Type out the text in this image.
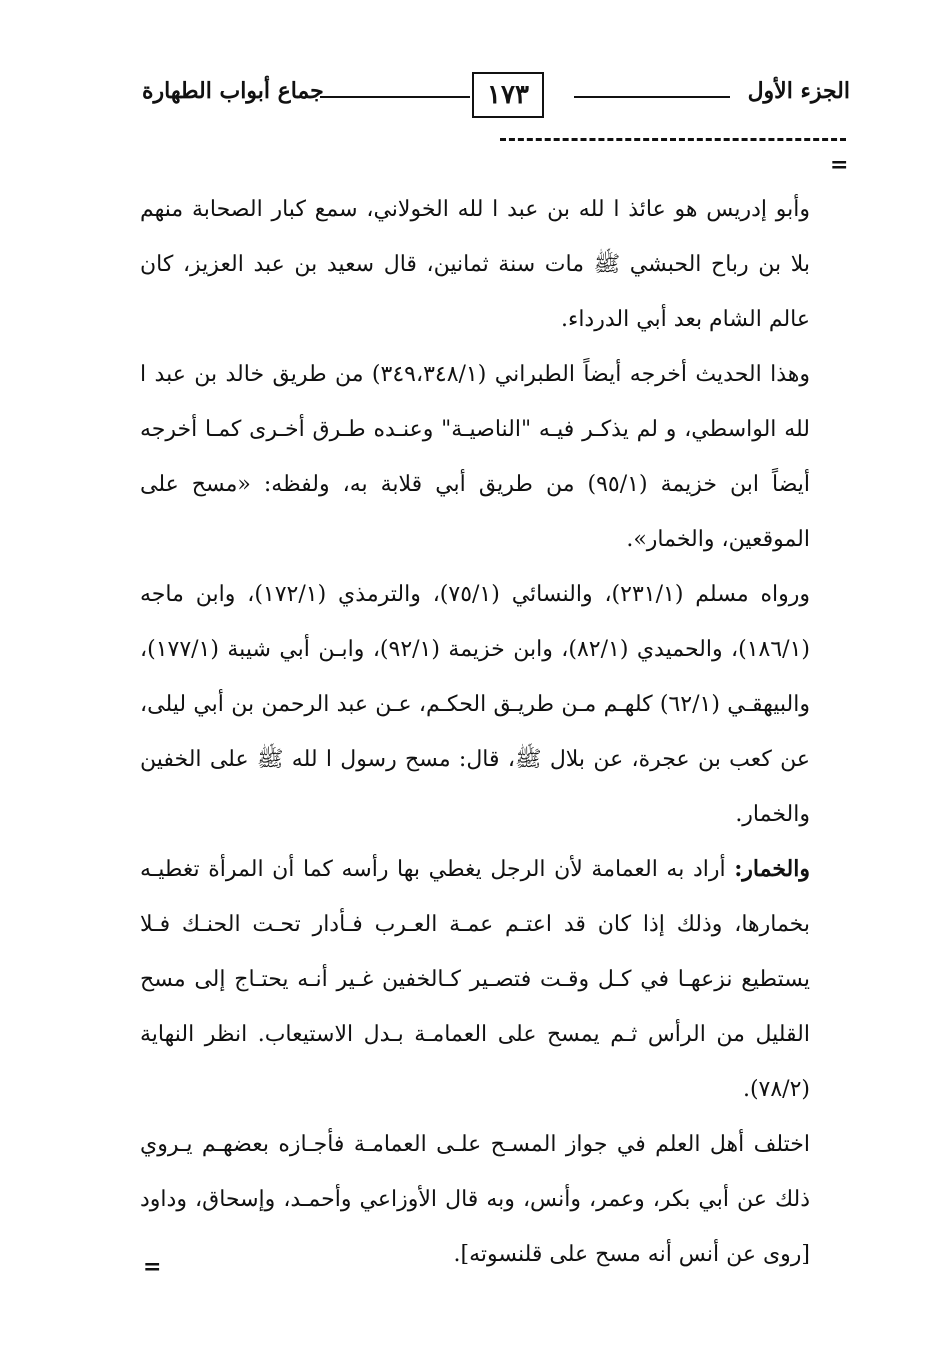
الجزء الأول
١٧٣
جماع أبواب الطهارة
=

وأبو إدريس هو عائذ ا لله بن عبد ا لله الخولاني، سمع كبار الصحابة منهم بلا بن رباح الحبشي ﷺ مات سنة ثمانين، قال سعيد بن عبد العزيز، كان عالم الشام بعد أبي الدرداء.

وهذا الحديث أخرجه أيضاً الطبراني (٣٤٩،٣٤٨/١) من طريق خالد بن عبد ا لله الواسطي، و لم يذكـر فيـه "الناصيـة" وعنـده طـرق أخـرى كمـا أخرجه أيضاً ابن خزيمة (٩٥/١) من طريق أبي قلابة به، ولفظه: «مسح على الموقعين، والخمار».

ورواه مسلم (٢٣١/١)، والنسائي (٧٥/١)، والترمذي (١٧٢/١)، وابن ماجه (١٨٦/١)، والحميدي (٨٢/١)، وابن خزيمة (٩٢/١)، وابـن أبي شيبة (١٧٧/١)، والبيهقـي (٦٢/١) كلهـم مـن طريـق الحكـم، عـن عبد الرحمن بن أبي ليلى، عن كعب بن عجرة، عن بلال ﷺ، قال: مسح رسول ا لله ﷺ على الخفين والخمار.

والخمار: أراد به العمامة لأن الرجل يغطي بها رأسه كما أن المرأة تغطيـه بخمارها، وذلك إذا كان قد اعتـم عمـة العـرب فـأدار تحـت الحنـك فـلا يستطيع نزعهـا في كـل وقـت فتصـير كـالخفين غـير أنـه يحتـاج إلى مسح القليل من الرأس ثـم يمسح على العمامـة بـدل الاستيعاب. انظر النهاية (٧٨/٢).

اختلف أهل العلم في جواز المسـح علـى العمامـة فأجـازه بعضهـم يـروي ذلك عن أبي بكر، وعمر، وأنس، وبه قال الأوزاعي وأحمـد، وإسحاق، وداود [روى عن أنس أنه مسح على قلنسوته].

=
